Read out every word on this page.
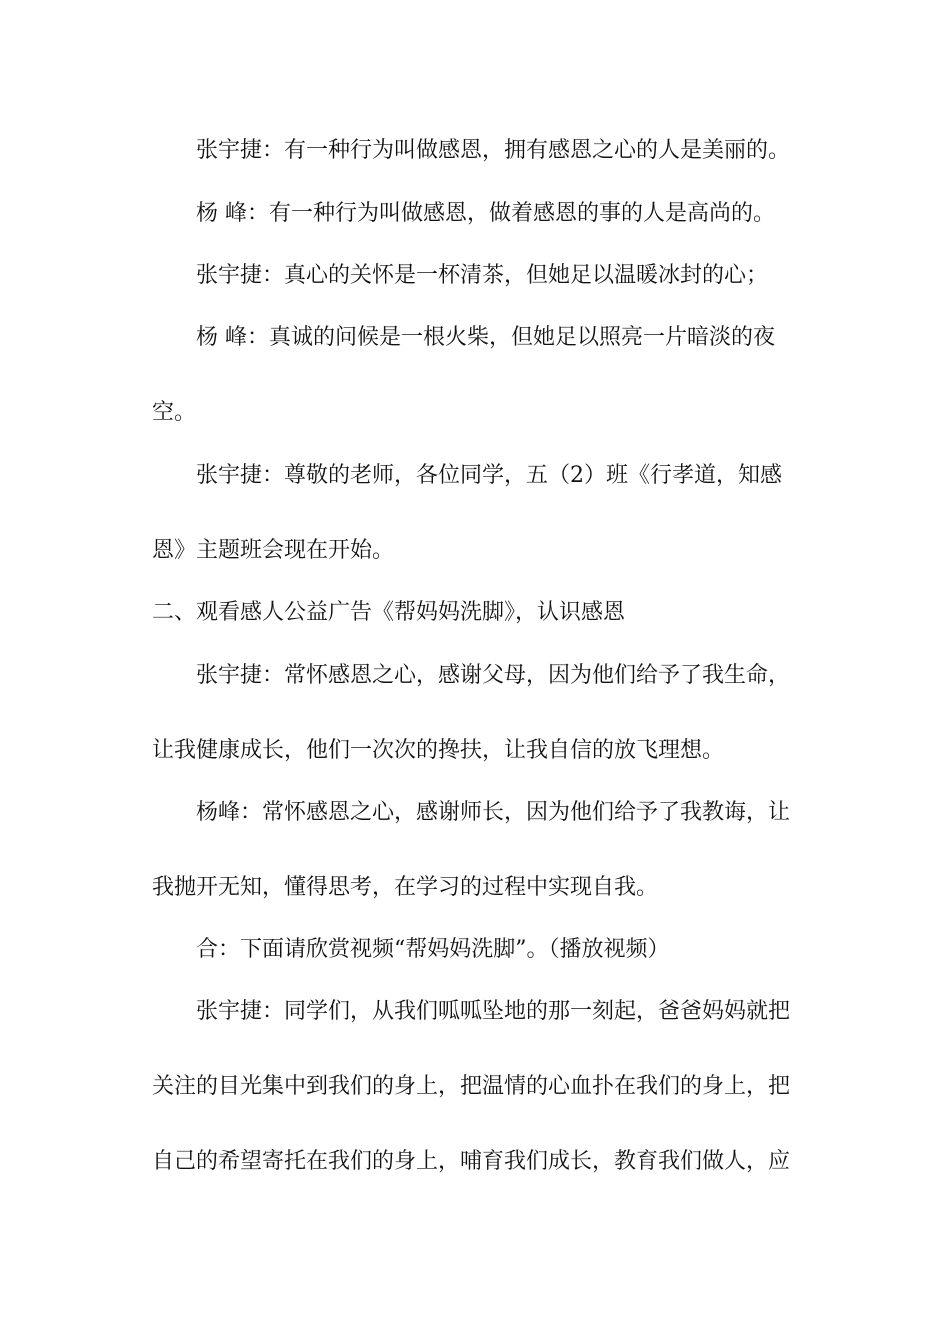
张宇捷：有一种行为叫做感恩，拥有感恩之心的人是美丽的。
杨 峰：有一种行为叫做感恩，做着感恩的事的人是高尚的。
张宇捷：真心的关怀是一杯清茶，但她足以温暖冰封的心；
杨 峰：真诚的问候是一根火柴，但她足以照亮一片暗淡的夜
空。
张宇捷：尊敬的老师，各位同学，五（2）班《行孝道，知感
恩》主题班会现在开始。
二、观看感人公益广告《帮妈妈洗脚》，认识感恩
张宇捷：常怀感恩之心，感谢父母，因为他们给予了我生命，
让我健康成长，他们一次次的搀扶，让我自信的放飞理想。
杨峰：常怀感恩之心，感谢师长，因为他们给予了我教诲，让
我抛开无知，懂得思考，在学习的过程中实现自我。
合：下面请欣赏视频“帮妈妈洗脚”。（播放视频）
张宇捷：同学们，从我们呱呱坠地的那一刻起，爸爸妈妈就把
关注的目光集中到我们的身上，把温情的心血扑在我们的身上，把
自己的希望寄托在我们的身上，哺育我们成长，教育我们做人，应
